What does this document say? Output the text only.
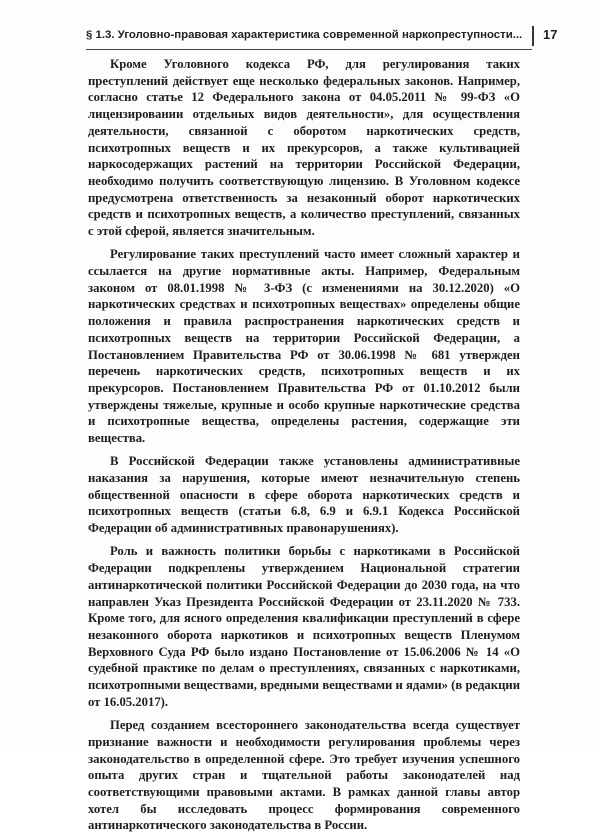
§ 1.3. Уголовно-правовая характеристика современной наркопреступности... 17

Кроме Уголовного кодекса РФ, для регулирования таких преступлений действует еще несколько федеральных законов. Например, согласно статье 12 Федерального закона от 04.05.2011 № 99-ФЗ «О лицензировании отдельных видов деятельности», для осуществления деятельности, связанной с оборотом наркотических средств, психотропных веществ и их прекурсоров, а также культивацией наркосодержащих растений на территории Российской Федерации, необходимо получить соответствующую лицензию. В Уголовном кодексе предусмотрена ответственность за незаконный оборот наркотических средств и психотропных веществ, а количество преступлений, связанных с этой сферой, является значительным.

Регулирование таких преступлений часто имеет сложный характер и ссылается на другие нормативные акты. Например, Федеральным законом от 08.01.1998 № 3-ФЗ (с изменениями на 30.12.2020) «О наркотических средствах и психотропных веществах» определены общие положения и правила распространения наркотических средств и психотропных веществ на территории Российской Федерации, а Постановлением Правительства РФ от 30.06.1998 № 681 утвержден перечень наркотических средств, психотропных веществ и их прекурсоров. Постановлением Правительства РФ от 01.10.2012 были утверждены тяжелые, крупные и особо крупные наркотические средства и психотропные вещества, определены растения, содержащие эти вещества.

В Российской Федерации также установлены административные наказания за нарушения, которые имеют незначительную степень общественной опасности в сфере оборота наркотических средств и психотропных веществ (статьи 6.8, 6.9 и 6.9.1 Кодекса Российской Федерации об административных правонарушениях).

Роль и важность политики борьбы с наркотиками в Российской Федерации подкреплены утверждением Национальной стратегии антинаркотической политики Российской Федерации до 2030 года, на что направлен Указ Президента Российской Федерации от 23.11.2020 № 733. Кроме того, для ясного определения квалификации преступлений в сфере незаконного оборота наркотиков и психотропных веществ Пленумом Верховного Суда РФ было издано Постановление от 15.06.2006 № 14 «О судебной практике по делам о преступлениях, связанных с наркотиками, психотропными веществами, вредными веществами и ядами» (в редакции от 16.05.2017).

Перед созданием всестороннего законодательства всегда существует признание важности и необходимости регулирования проблемы через законодательство в определенной сфере. Это требует изучения успешного опыта других стран и тщательной работы законодателей над соответствующими правовыми актами. В рамках данной главы автор хотел бы исследовать процесс формирования современного антинаркотического законодательства в России.
